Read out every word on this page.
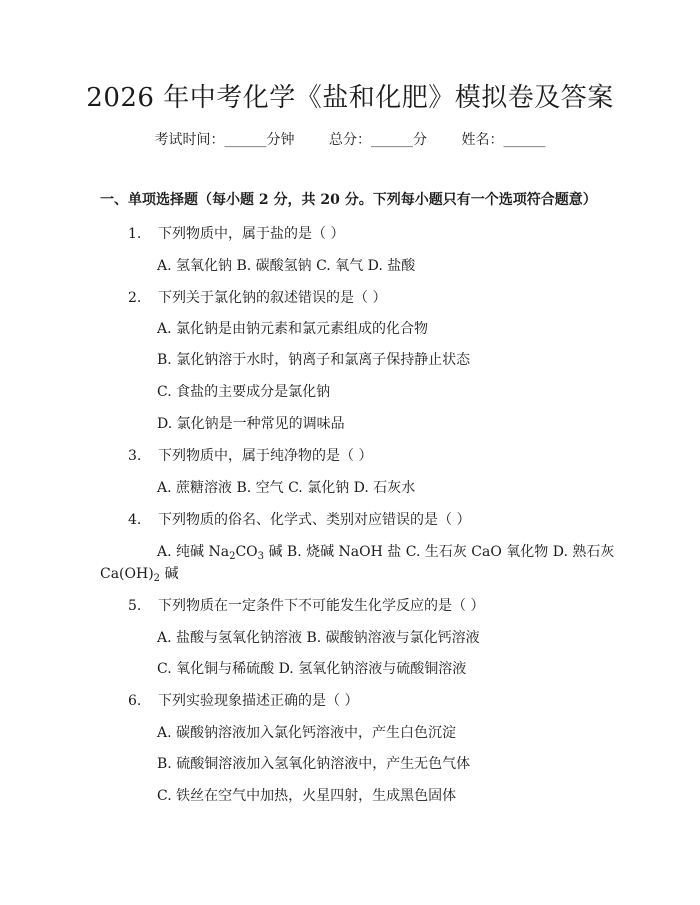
2026 年中考化学《盐和化肥》模拟卷及答案
考试时间：______分钟 总分：______分 姓名：______
一、单项选择题（每小题 2 分，共 20 分。下列每小题只有一个选项符合题意）
1. 下列物质中，属于盐的是（ ）
A. 氢氧化钠 B. 碳酸氢钠 C. 氧气 D. 盐酸
2. 下列关于氯化钠的叙述错误的是（ ）
A. 氯化钠是由钠元素和氯元素组成的化合物
B. 氯化钠溶于水时，钠离子和氯离子保持静止状态
C. 食盐的主要成分是氯化钠
D. 氯化钠是一种常见的调味品
3. 下列物质中，属于纯净物的是（ ）
A. 蔗糖溶液 B. 空气 C. 氯化钠 D. 石灰水
4. 下列物质的俗名、化学式、类别对应错误的是（ ）
A. 纯碱 $Na_2CO_3$ 碱 B. 烧碱 NaOH 盐 C. 生石灰 CaO 氧化物 D. 熟石灰
$Ca(OH)_2$ 碱
5. 下列物质在一定条件下不可能发生化学反应的是（ ）
A. 盐酸与氢氧化钠溶液 B. 碳酸钠溶液与氯化钙溶液
C. 氧化铜与稀硫酸 D. 氢氧化钠溶液与硫酸铜溶液
6. 下列实验现象描述正确的是（ ）
A. 碳酸钠溶液加入氯化钙溶液中，产生白色沉淀
B. 硫酸铜溶液加入氢氧化钠溶液中，产生无色气体
C. 铁丝在空气中加热，火星四射，生成黑色固体
